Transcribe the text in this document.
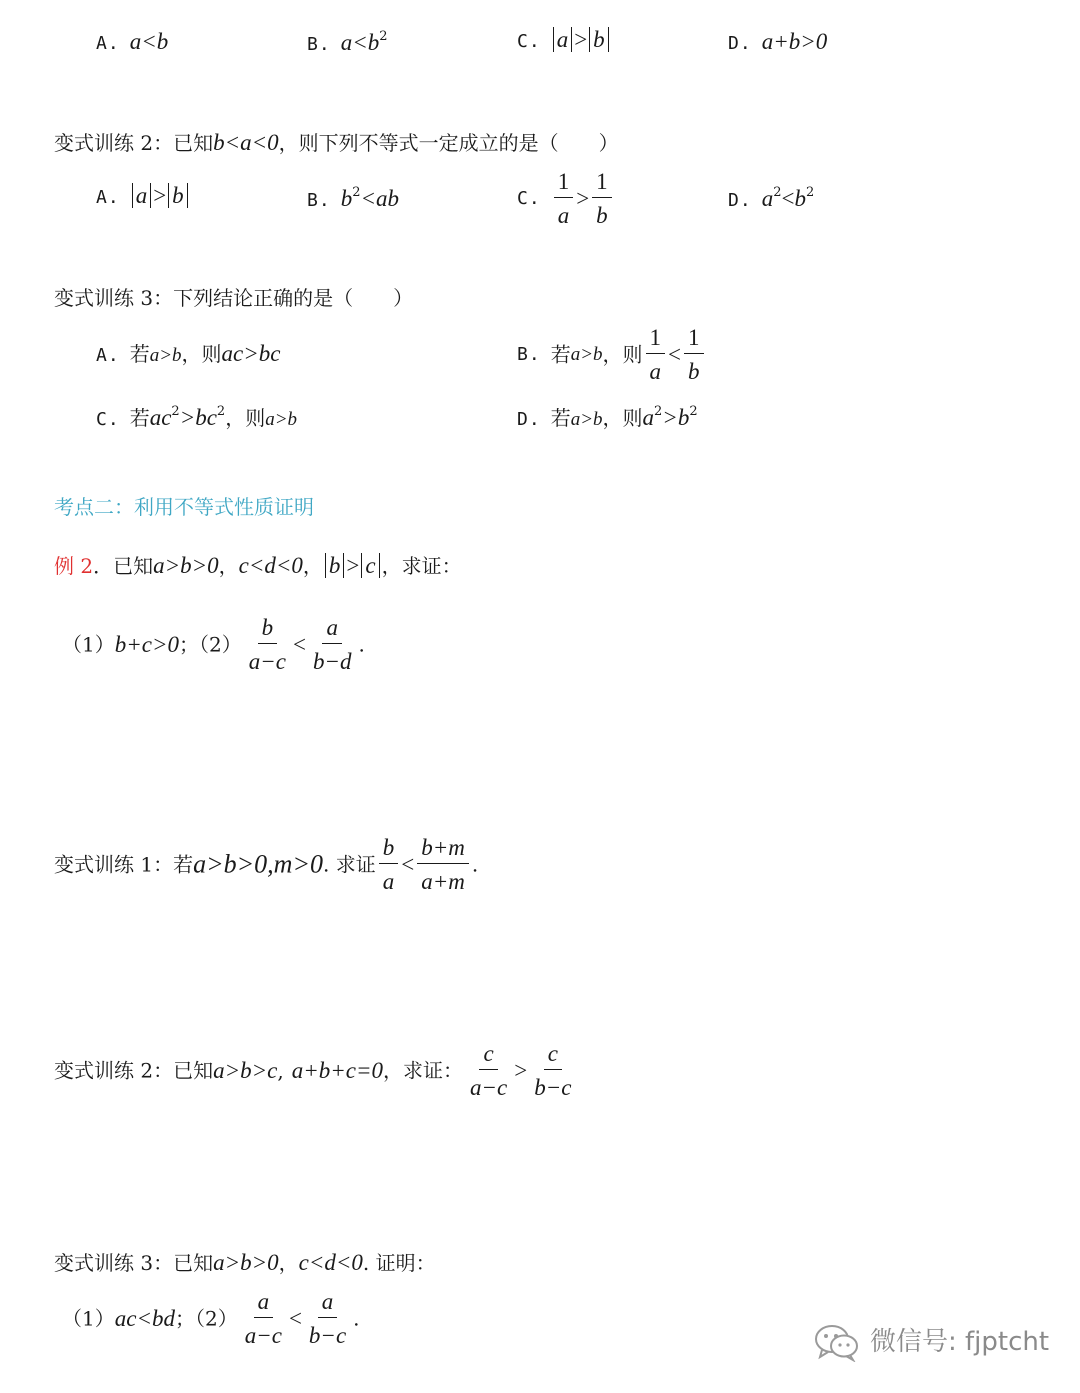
A. a<b	B. $a<b^2$	C. a > b	D. a+b>0
变式训练 2：已知b<a<0，则下列不等式一定成立的是（　　）
A. a > b	B. $b^2<ab$	C. $\frac{1}{a} > \frac{1}{b}$	D. $a^2<b^2$
变式训练 3：下列结论正确的是（　　）
A. 若a>b，则ac>bc	B. 若a>b，则 $\frac{1}{a} < \frac{1}{b}$
C. 若$ac^2>bc^2$，则a>b	D. 若a>b，则$a^2>b^2$
考点二：利用不等式性质证明
例 2．已知a>b>0，c<d<0， b > c ，求证：
（1）b+c>0；$(2) \frac{b}{a-c} < \frac{a}{b-d}$ .
变式训练 1：若a>b>0,m>0. 求证 $\frac{b}{a} < \frac{b+m}{a+m}$ .
变式训练 2：已知a>b>c, a+b+c=0，求证： $\frac{c}{a-c} > \frac{c}{b-c}$
变式训练 3：已知a>b>0，c<d<0. 证明：
（1）ac<bd；$(2) \frac{a}{a-c} < \frac{a}{b-c}$ .
微信号: fjptcht
